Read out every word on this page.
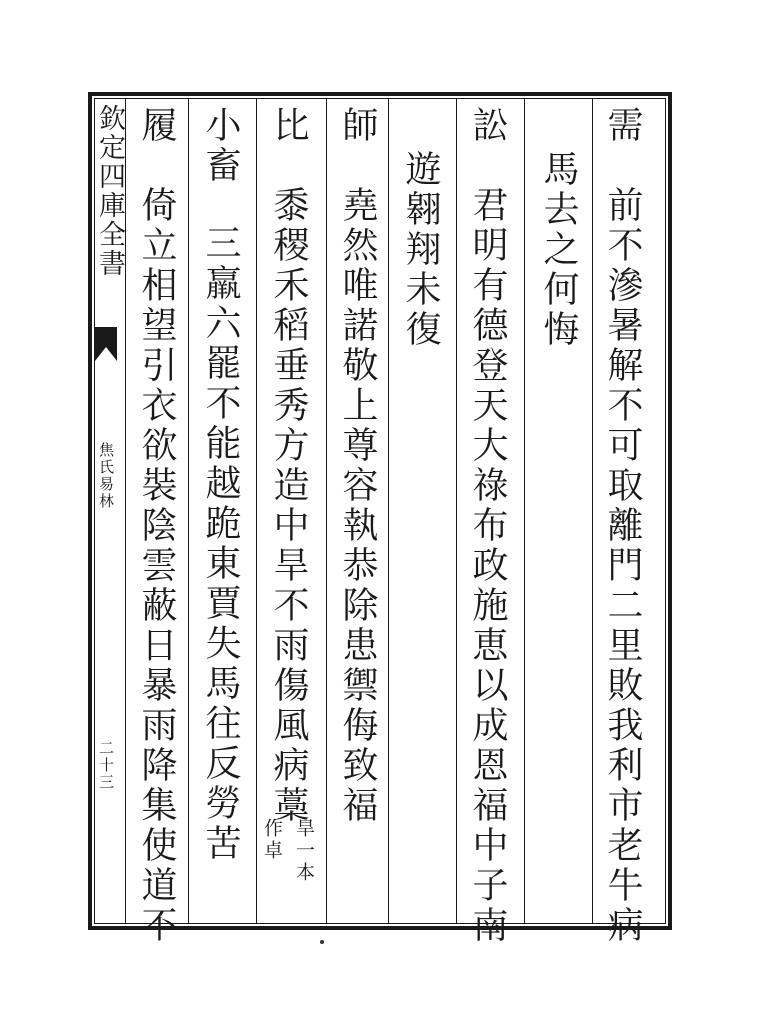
欽定四庫全書
焦氏易林
二十三
需
前不滲暑解不可取離門二里敗我利市老牛病
馬去之何悔
訟
君明有德登天大祿布政施恵以成恩福中子南
遊翱翔未復
師
堯然唯諾敬上尊容執恭除患禦侮致福
比
黍稷禾稻垂秀方造中旱不雨傷風病藁
旱一本
作卓
小畜
三羸六罷不能越跪東賈失馬往反勞苦
履
倚立相望引衣欲裝陰雲蔽日暴雨降集使道不
